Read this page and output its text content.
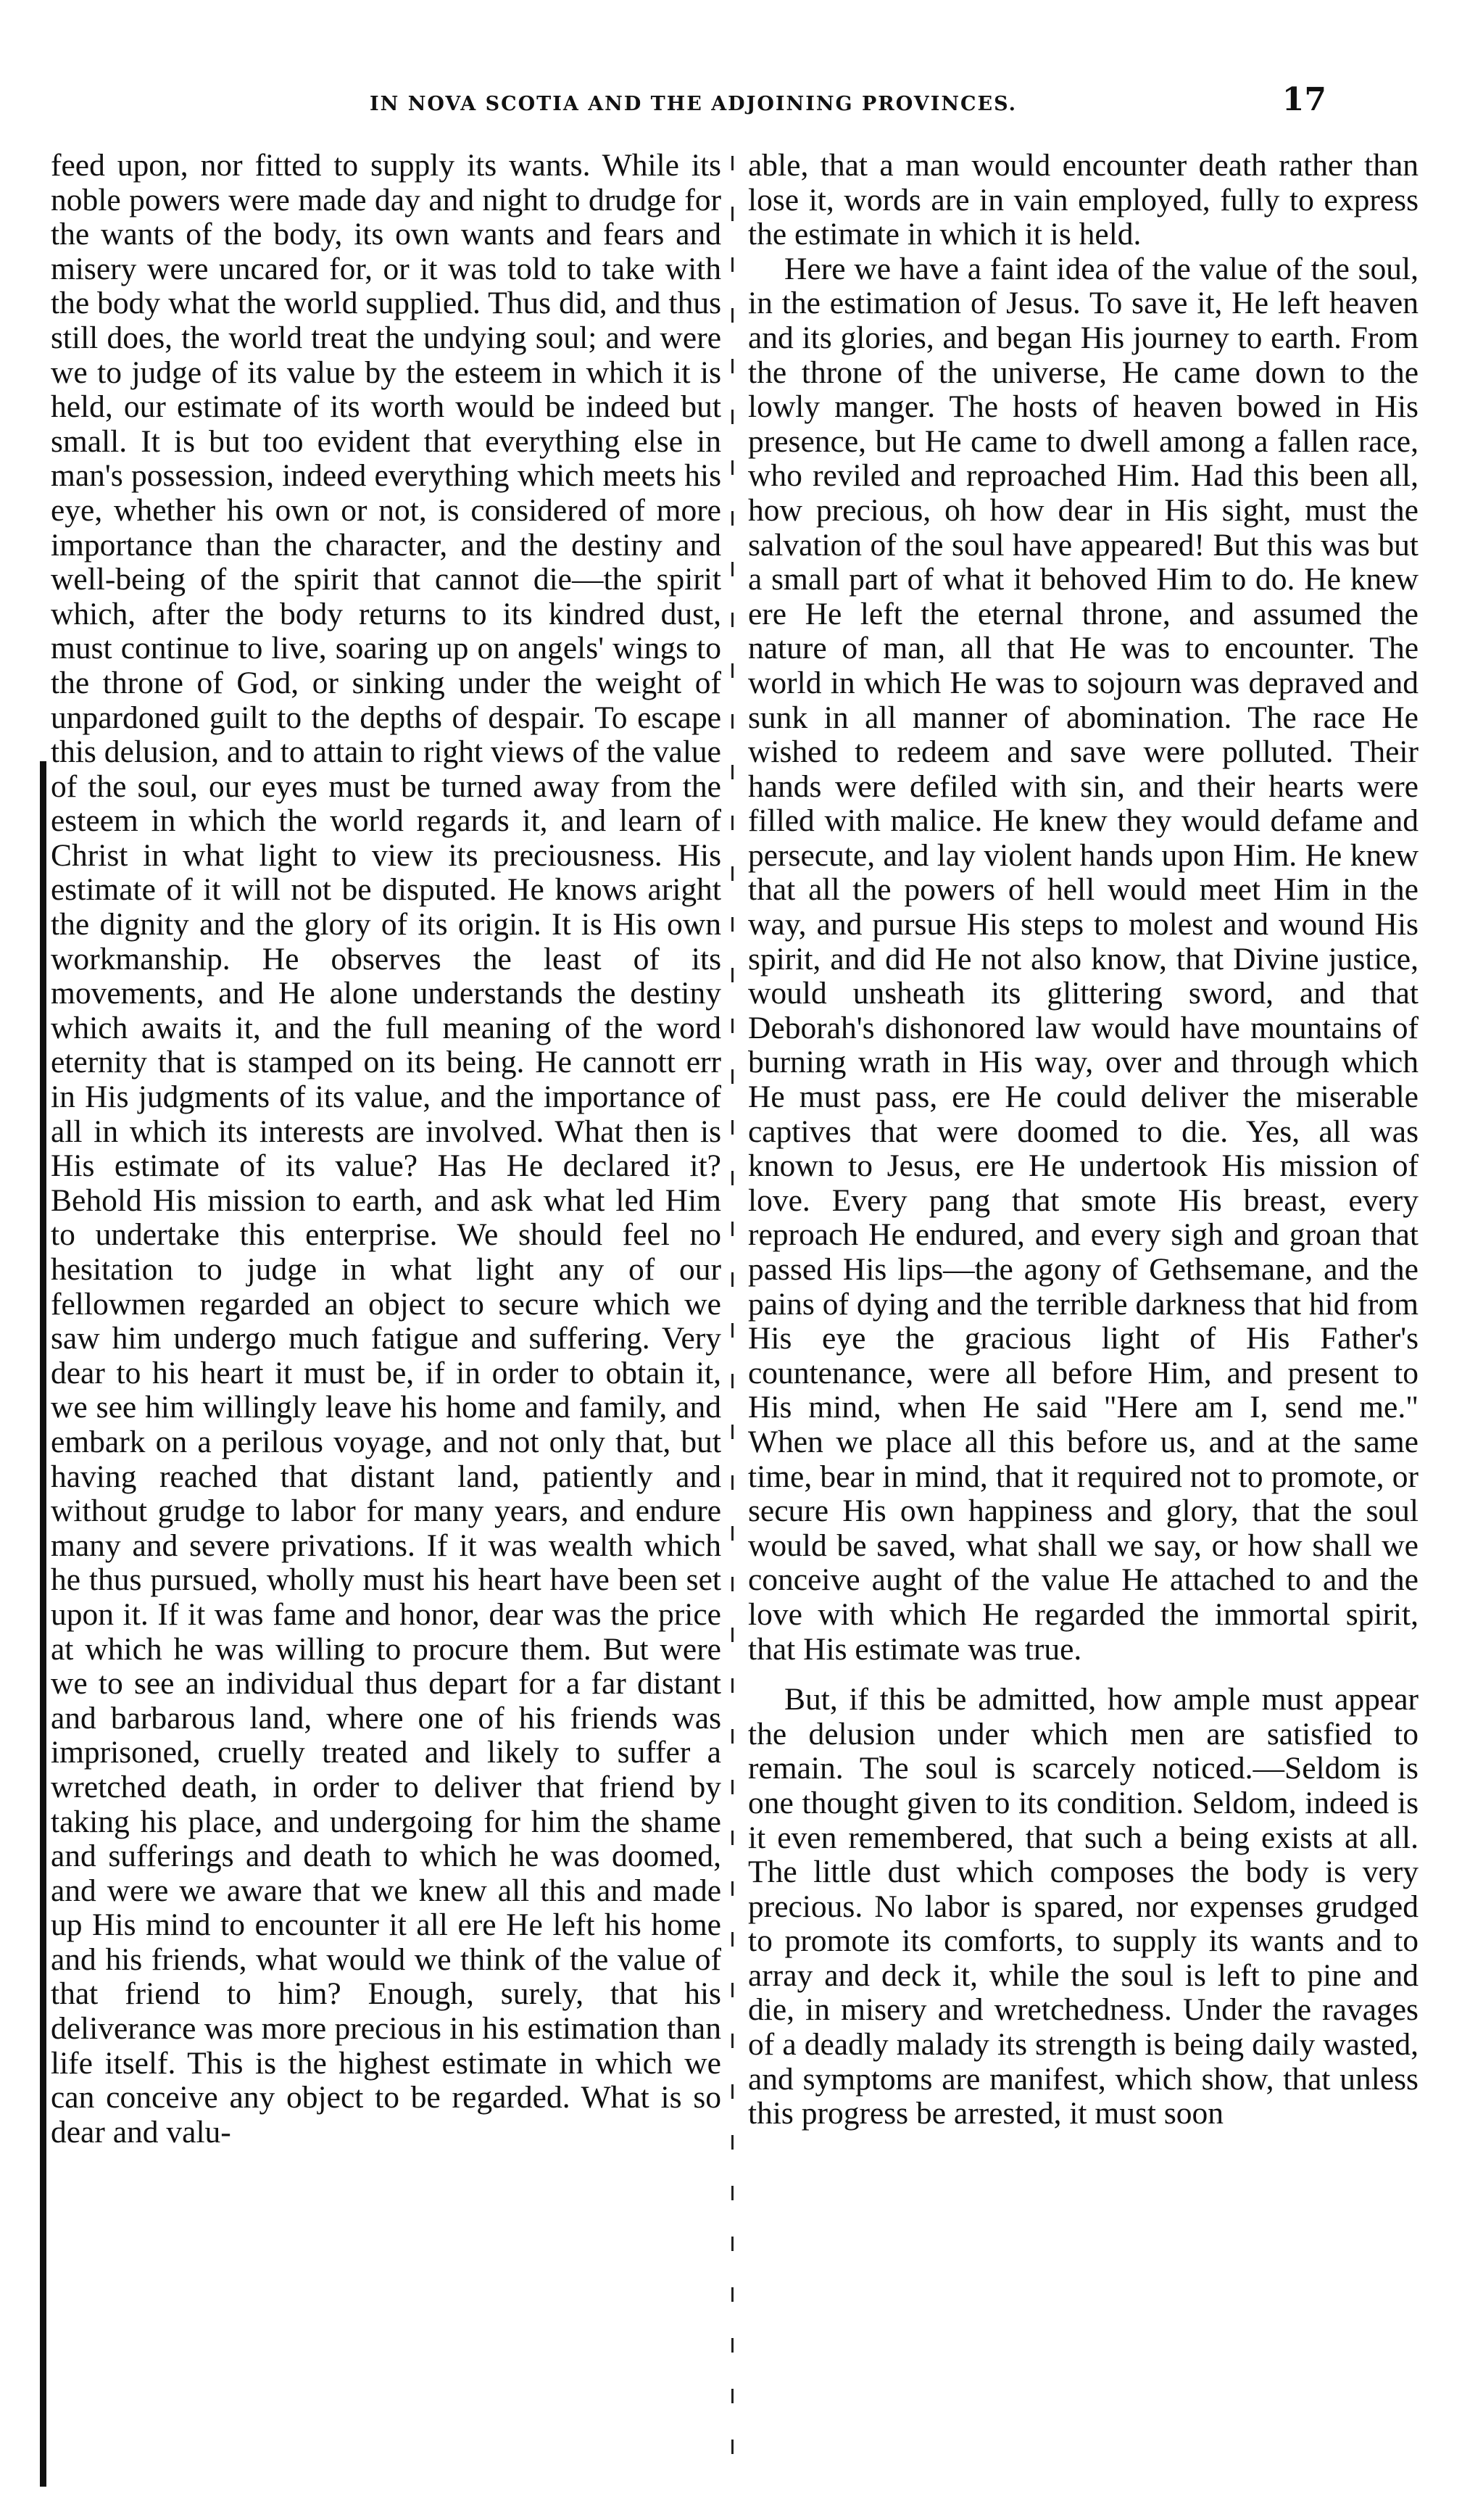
IN NOVA SCOTIA AND THE ADJOINING PROVINCES.	17

feed upon, nor fitted to supply its wants. While its noble powers were made day and night to drudge for the wants of the body, its own wants and fears and misery were uncared for, or it was told to take with the body what the world supplied. Thus did, and thus still does, the world treat the undying soul; and were we to judge of its value by the esteem in which it is held, our estimate of its worth would be indeed but small. It is but too evident that everything else in man's possession, indeed everything which meets his eye, whether his own or not, is considered of more importance than the character, and the destiny and well-being of the spirit that cannot die—the spirit which, after the body returns to its kindred dust, must continue to live, soaring up on angels' wings to the throne of God, or sinking under the weight of unpardoned guilt to the depths of despair. To escape this delusion, and to attain to right views of the value of the soul, our eyes must be turned away from the esteem in which the world regards it, and learn of Christ in what light to view its preciousness. His estimate of it will not be disputed. He knows aright the dignity and the glory of its origin. It is His own workmanship. He observes the least of its movements, and He alone understands the destiny which awaits it, and the full meaning of the word eternity that is stamped on its being. He cannott err in His judgments of its value, and the importance of all in which its interests are involved. What then is His estimate of its value? Has He declared it? Behold His mission to earth, and ask what led Him to undertake this enterprise. We should feel no hesitation to judge in what light any of our fellowmen regarded an object to secure which we saw him undergo much fatigue and suffering. Very dear to his heart it must be, if in order to obtain it, we see him willingly leave his home and family, and embark on a perilous voyage, and not only that, but having reached that distant land, patiently and without grudge to labor for many years, and endure many and severe privations. If it was wealth which he thus pursued, wholly must his heart have been set upon it. If it was fame and honor, dear was the price at which he was willing to procure them. But were we to see an individual thus depart for a far distant and barbarous land, where one of his friends was imprisoned, cruelly treated and likely to suffer a wretched death, in order to deliver that friend by taking his place, and undergoing for him the shame and sufferings and death to which he was doomed, and were we aware that we knew all this and made up His mind to encounter it all ere He left his home and his friends, what would we think of the value of that friend to him? Enough, surely, that his deliverance was more precious in his estimation than life itself. This is the highest estimate in which we can conceive any object to be regarded. What is so dear and valu-

able, that a man would encounter death rather than lose it, words are in vain employed, fully to express the estimate in which it is held.

Here we have a faint idea of the value of the soul, in the estimation of Jesus. To save it, He left heaven and its glories, and began His journey to earth. From the throne of the universe, He came down to the lowly manger. The hosts of heaven bowed in His presence, but He came to dwell among a fallen race, who reviled and reproached Him. Had this been all, how precious, oh how dear in His sight, must the salvation of the soul have appeared! But this was but a small part of what it behoved Him to do. He knew ere He left the eternal throne, and assumed the nature of man, all that He was to encounter. The world in which He was to sojourn was depraved and sunk in all manner of abomination. The race He wished to redeem and save were polluted. Their hands were defiled with sin, and their hearts were filled with malice. He knew they would defame and persecute, and lay violent hands upon Him. He knew that all the powers of hell would meet Him in the way, and pursue His steps to molest and wound His spirit, and did He not also know, that Divine justice, would unsheath its glittering sword, and that Deborah's dishonored law would have mountains of burning wrath in His way, over and through which He must pass, ere He could deliver the miserable captives that were doomed to die. Yes, all was known to Jesus, ere He undertook His mission of love. Every pang that smote His breast, every reproach He endured, and every sigh and groan that passed His lips—the agony of Gethsemane, and the pains of dying and the terrible darkness that hid from His eye the gracious light of His Father's countenance, were all before Him, and present to His mind, when He said "Here am I, send me." When we place all this before us, and at the same time, bear in mind, that it required not to promote, or secure His own happiness and glory, that the soul would be saved, what shall we say, or how shall we conceive aught of the value He attached to and the love with which He regarded the immortal spirit, that His estimate was true.

But, if this be admitted, how ample must appear the delusion under which men are satisfied to remain. The soul is scarcely noticed.—Seldom is one thought given to its condition. Seldom, indeed is it even remembered, that such a being exists at all. The little dust which composes the body is very precious. No labor is spared, nor expenses grudged to promote its comforts, to supply its wants and to array and deck it, while the soul is left to pine and die, in misery and wretchedness. Under the ravages of a deadly malady its strength is being daily wasted, and symptoms are manifest, which show, that unless this progress be arrested, it must soon
